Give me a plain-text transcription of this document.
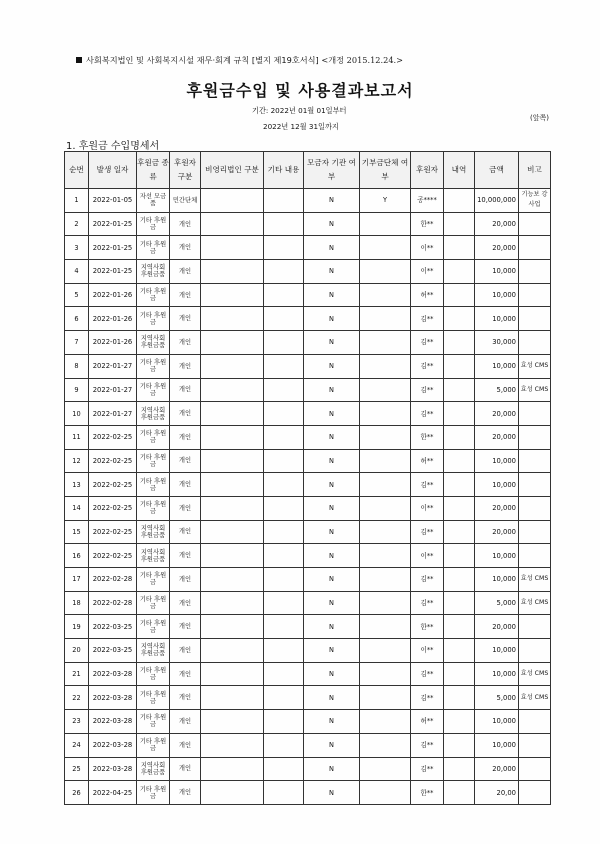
사회복지법인 및 사회복지시설 재무·회계 규칙 [별지 제19호서식] <개정 2015.12.24.>
후원금수입 및 사용결과보고서
기간: 2022년 01월 01일부터
2022년 12월 31일까지
(앞쪽)
1. 후원금 수입명세서
순번	발생 일자	후원금 종류	후원자 구분	비영리법인 구분	기타 내용	모금자 기관 여부	기부금단체 여부	후원자	내역	금액	비고
1	2022-01-05	자선 모금품	민간단체			N	Y	공****		10,000,000	기능보 강사업
2	2022-01-25	기타 후원금	개인			N		한**		20,000	
3	2022-01-25	기타 후원금	개인			N		이**		20,000	
4	2022-01-25	지역사회 후원금품	개인			N		이**		10,000	
5	2022-01-26	기타 후원금	개인			N		허**		10,000	
6	2022-01-26	기타 후원금	개인			N		김**		10,000	
7	2022-01-26	지역사회 후원금품	개인			N		김**		30,000	
8	2022-01-27	기타 후원금	개인			N		김**		10,000	효성 CMS
9	2022-01-27	기타 후원금	개인			N		김**		5,000	효성 CMS
10	2022-01-27	지역사회 후원금품	개인			N		김**		20,000	
11	2022-02-25	기타 후원금	개인			N		한**		20,000	
12	2022-02-25	기타 후원금	개인			N		허**		10,000	
13	2022-02-25	기타 후원금	개인			N		김**		10,000	
14	2022-02-25	기타 후원금	개인			N		이**		20,000	
15	2022-02-25	지역사회 후원금품	개인			N		김**		20,000	
16	2022-02-25	지역사회 후원금품	개인			N		이**		10,000	
17	2022-02-28	기타 후원금	개인			N		김**		10,000	효성 CMS
18	2022-02-28	기타 후원금	개인			N		김**		5,000	효성 CMS
19	2022-03-25	기타 후원금	개인			N		한**		20,000	
20	2022-03-25	지역사회 후원금품	개인			N		이**		10,000	
21	2022-03-28	기타 후원금	개인			N		김**		10,000	효성 CMS
22	2022-03-28	기타 후원금	개인			N		김**		5,000	효성 CMS
23	2022-03-28	기타 후원금	개인			N		허**		10,000	
24	2022-03-28	기타 후원금	개인			N		김**		10,000	
25	2022-03-28	지역사회 후원금품	개인			N		김**		20,000	
26	2022-04-25	기타 후원금	개인			N		한**		20,00	
